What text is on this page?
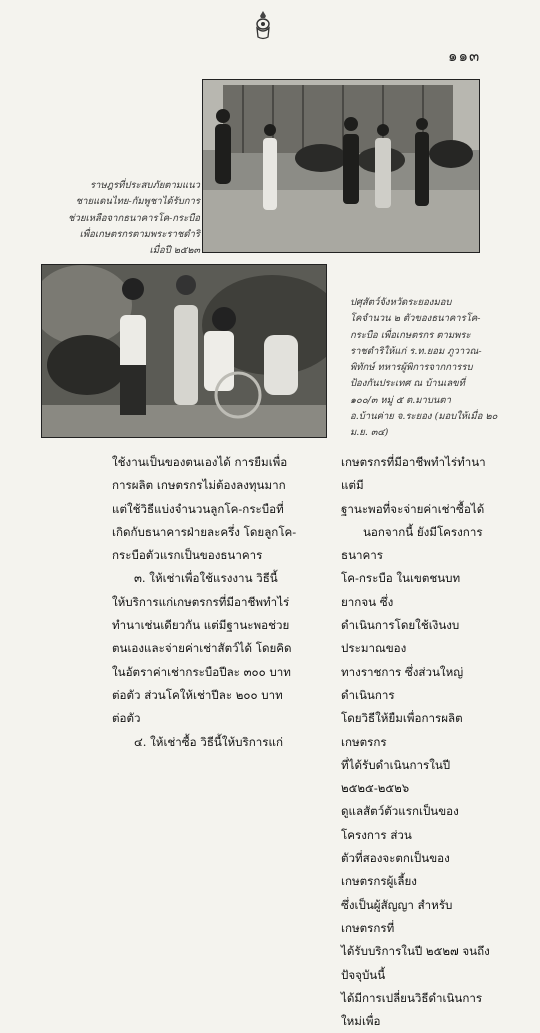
๑๑๓
ราษฎรที่ประสบภัยตามแนว
ชายแดนไทย-กัมพูชาได้รับการ
ช่วยเหลือจากธนาคารโค-กระบือ
เพื่อเกษตรกรตามพระราชดำริ
เมื่อปี ๒๕๒๓
ปศุสัตว์จังหวัดระยองมอบ
โคจำนวน ๒ ตัวของธนาคารโค-
กระบือ เพื่อเกษตรกร ตามพระ
ราชดำริให้แก่ ร.ท.ยอม ภูวาวณ-
พิทักษ์ ทหารผู้พิการจากการรบ
ป้องกันประเทศ ณ บ้านเลขที่
๑๐๐/๓ หมู่ ๕ ต.มาบนตา
อ.บ้านค่าย จ.ระยอง (มอบให้เมื่อ ๒๐ ม.ย. ๓๔)

ใช้งานเป็นของตนเองได้ การยืมเพื่อ

การผลิต เกษตรกรไม่ต้องลงทุนมาก

แต่ใช้วิธีแบ่งจำนวนลูกโค-กระบือที่

เกิดกับธนาคารฝ่ายละครึ่ง โดยลูกโค-

กระบือตัวแรกเป็นของธนาคาร

๓. ให้เช่าเพื่อใช้แรงงาน วิธีนี้

ให้บริการแก่เกษตรกรที่มีอาชีพทำไร่

ทำนาเช่นเดียวกัน แต่มีฐานะพอช่วย

ตนเองและจ่ายค่าเช่าสัตว์ได้ โดยคิด

ในอัตราค่าเช่ากระบือปีละ ๓๐๐ บาท

ต่อตัว ส่วนโคให้เช่าปีละ ๒๐๐ บาท

ต่อตัว

๔. ให้เช่าซื้อ วิธีนี้ให้บริการแก่

เกษตรกรที่มีอาชีพทำไร่ทำนา แต่มี

ฐานะพอที่จะจ่ายค่าเช่าซื้อได้

นอกจากนี้ ยังมีโครงการธนาคาร

โค-กระบือ ในเขตชนบทยากจน ซึ่ง

ดำเนินการโดยใช้เงินงบประมาณของ

ทางราชการ ซึ่งส่วนใหญ่ดำเนินการ

โดยวิธีให้ยืมเพื่อการผลิต เกษตรกร

ที่ได้รับดำเนินการในปี ๒๕๒๕-๒๕๒๖

ดูแลสัตว์ตัวแรกเป็นของโครงการ ส่วน

ตัวที่สองจะตกเป็นของเกษตรกรผู้เลี้ยง

ซึ่งเป็นผู้สัญญา สำหรับเกษตรกรที่

ได้รับบริการในปี ๒๕๒๗ จนถึงปัจจุบันนี้

ได้มีการเปลี่ยนวิธีดำเนินการใหม่เพื่อ
